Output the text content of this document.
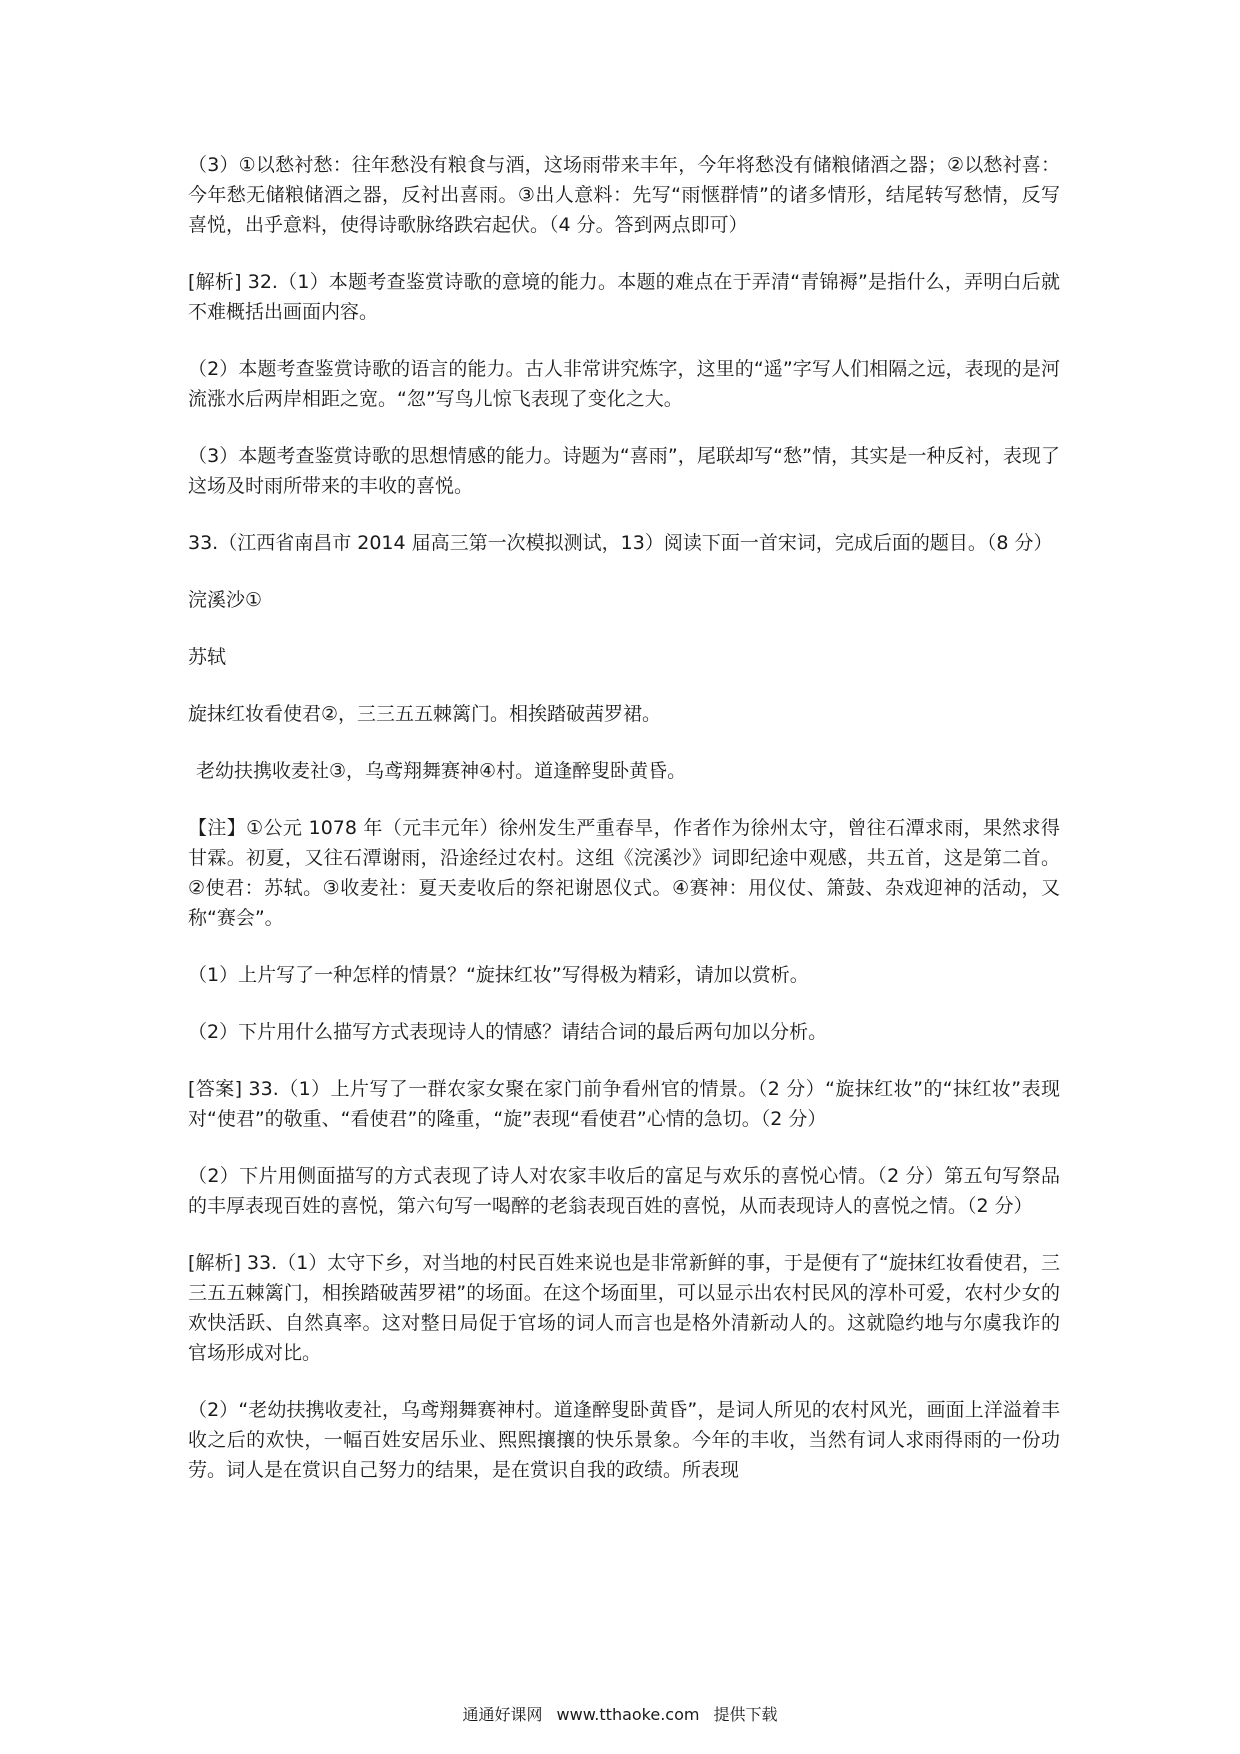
（3）①以愁衬愁：往年愁没有粮食与酒，这场雨带来丰年，今年将愁没有储粮储酒之器；②以愁衬喜：今年愁无储粮储酒之器，反衬出喜雨。③出人意料：先写“雨惬群情”的诸多情形，结尾转写愁情，反写喜悦，出乎意料，使得诗歌脉络跌宕起伏。（4 分。答到两点即可）

[解析] 32.（1）本题考查鉴赏诗歌的意境的能力。本题的难点在于弄清“青锦褥”是指什么，弄明白后就不难概括出画面内容。

（2）本题考查鉴赏诗歌的语言的能力。古人非常讲究炼字，这里的“遥”字写人们相隔之远，表现的是河流涨水后两岸相距之宽。“忽”写鸟儿惊飞表现了变化之大。

（3）本题考查鉴赏诗歌的思想情感的能力。诗题为“喜雨”，尾联却写“愁”情，其实是一种反衬，表现了这场及时雨所带来的丰收的喜悦。

33.（江西省南昌市 2014 届高三第一次模拟测试，13）阅读下面一首宋词，完成后面的题目。（8 分）

浣溪沙①

苏轼

旋抹红妆看使君②，三三五五棘篱门。相挨踏破茜罗裙。

老幼扶携收麦社③，乌鸢翔舞赛神④村。道逢醉叟卧黄昏。

【注】①公元 1078 年（元丰元年）徐州发生严重春旱，作者作为徐州太守，曾往石潭求雨，果然求得甘霖。初夏，又往石潭谢雨，沿途经过农村。这组《浣溪沙》词即纪途中观感，共五首，这是第二首。②使君：苏轼。③收麦社：夏天麦收后的祭祀谢恩仪式。④赛神：用仪仗、箫鼓、杂戏迎神的活动，又称“赛会”。

（1）上片写了一种怎样的情景？“旋抹红妆”写得极为精彩，请加以赏析。

（2）下片用什么描写方式表现诗人的情感？请结合词的最后两句加以分析。

[答案] 33.（1）上片写了一群农家女聚在家门前争看州官的情景。（2 分）“旋抹红妆”的“抹红妆”表现对“使君”的敬重、“看使君”的隆重，“旋”表现“看使君”心情的急切。（2 分）

（2）下片用侧面描写的方式表现了诗人对农家丰收后的富足与欢乐的喜悦心情。（2 分）第五句写祭品的丰厚表现百姓的喜悦，第六句写一喝醉的老翁表现百姓的喜悦，从而表现诗人的喜悦之情。（2 分）

[解析] 33.（1）太守下乡，对当地的村民百姓来说也是非常新鲜的事，于是便有了“旋抹红妆看使君，三三五五棘篱门，相挨踏破茜罗裙”的场面。在这个场面里，可以显示出农村民风的淳朴可爱，农村少女的欢快活跃、自然真率。这对整日局促于官场的词人而言也是格外清新动人的。这就隐约地与尔虞我诈的官场形成对比。

（2）“老幼扶携收麦社，乌鸢翔舞赛神村。道逢醉叟卧黄昏”，是词人所见的农村风光，画面上洋溢着丰收之后的欢快，一幅百姓安居乐业、熙熙攘攘的快乐景象。今年的丰收，当然有词人求雨得雨的一份功劳。词人是在赏识自己努力的结果，是在赏识自我的政绩。所表现

通通好课网 www.tthaoke.com 提供下载
